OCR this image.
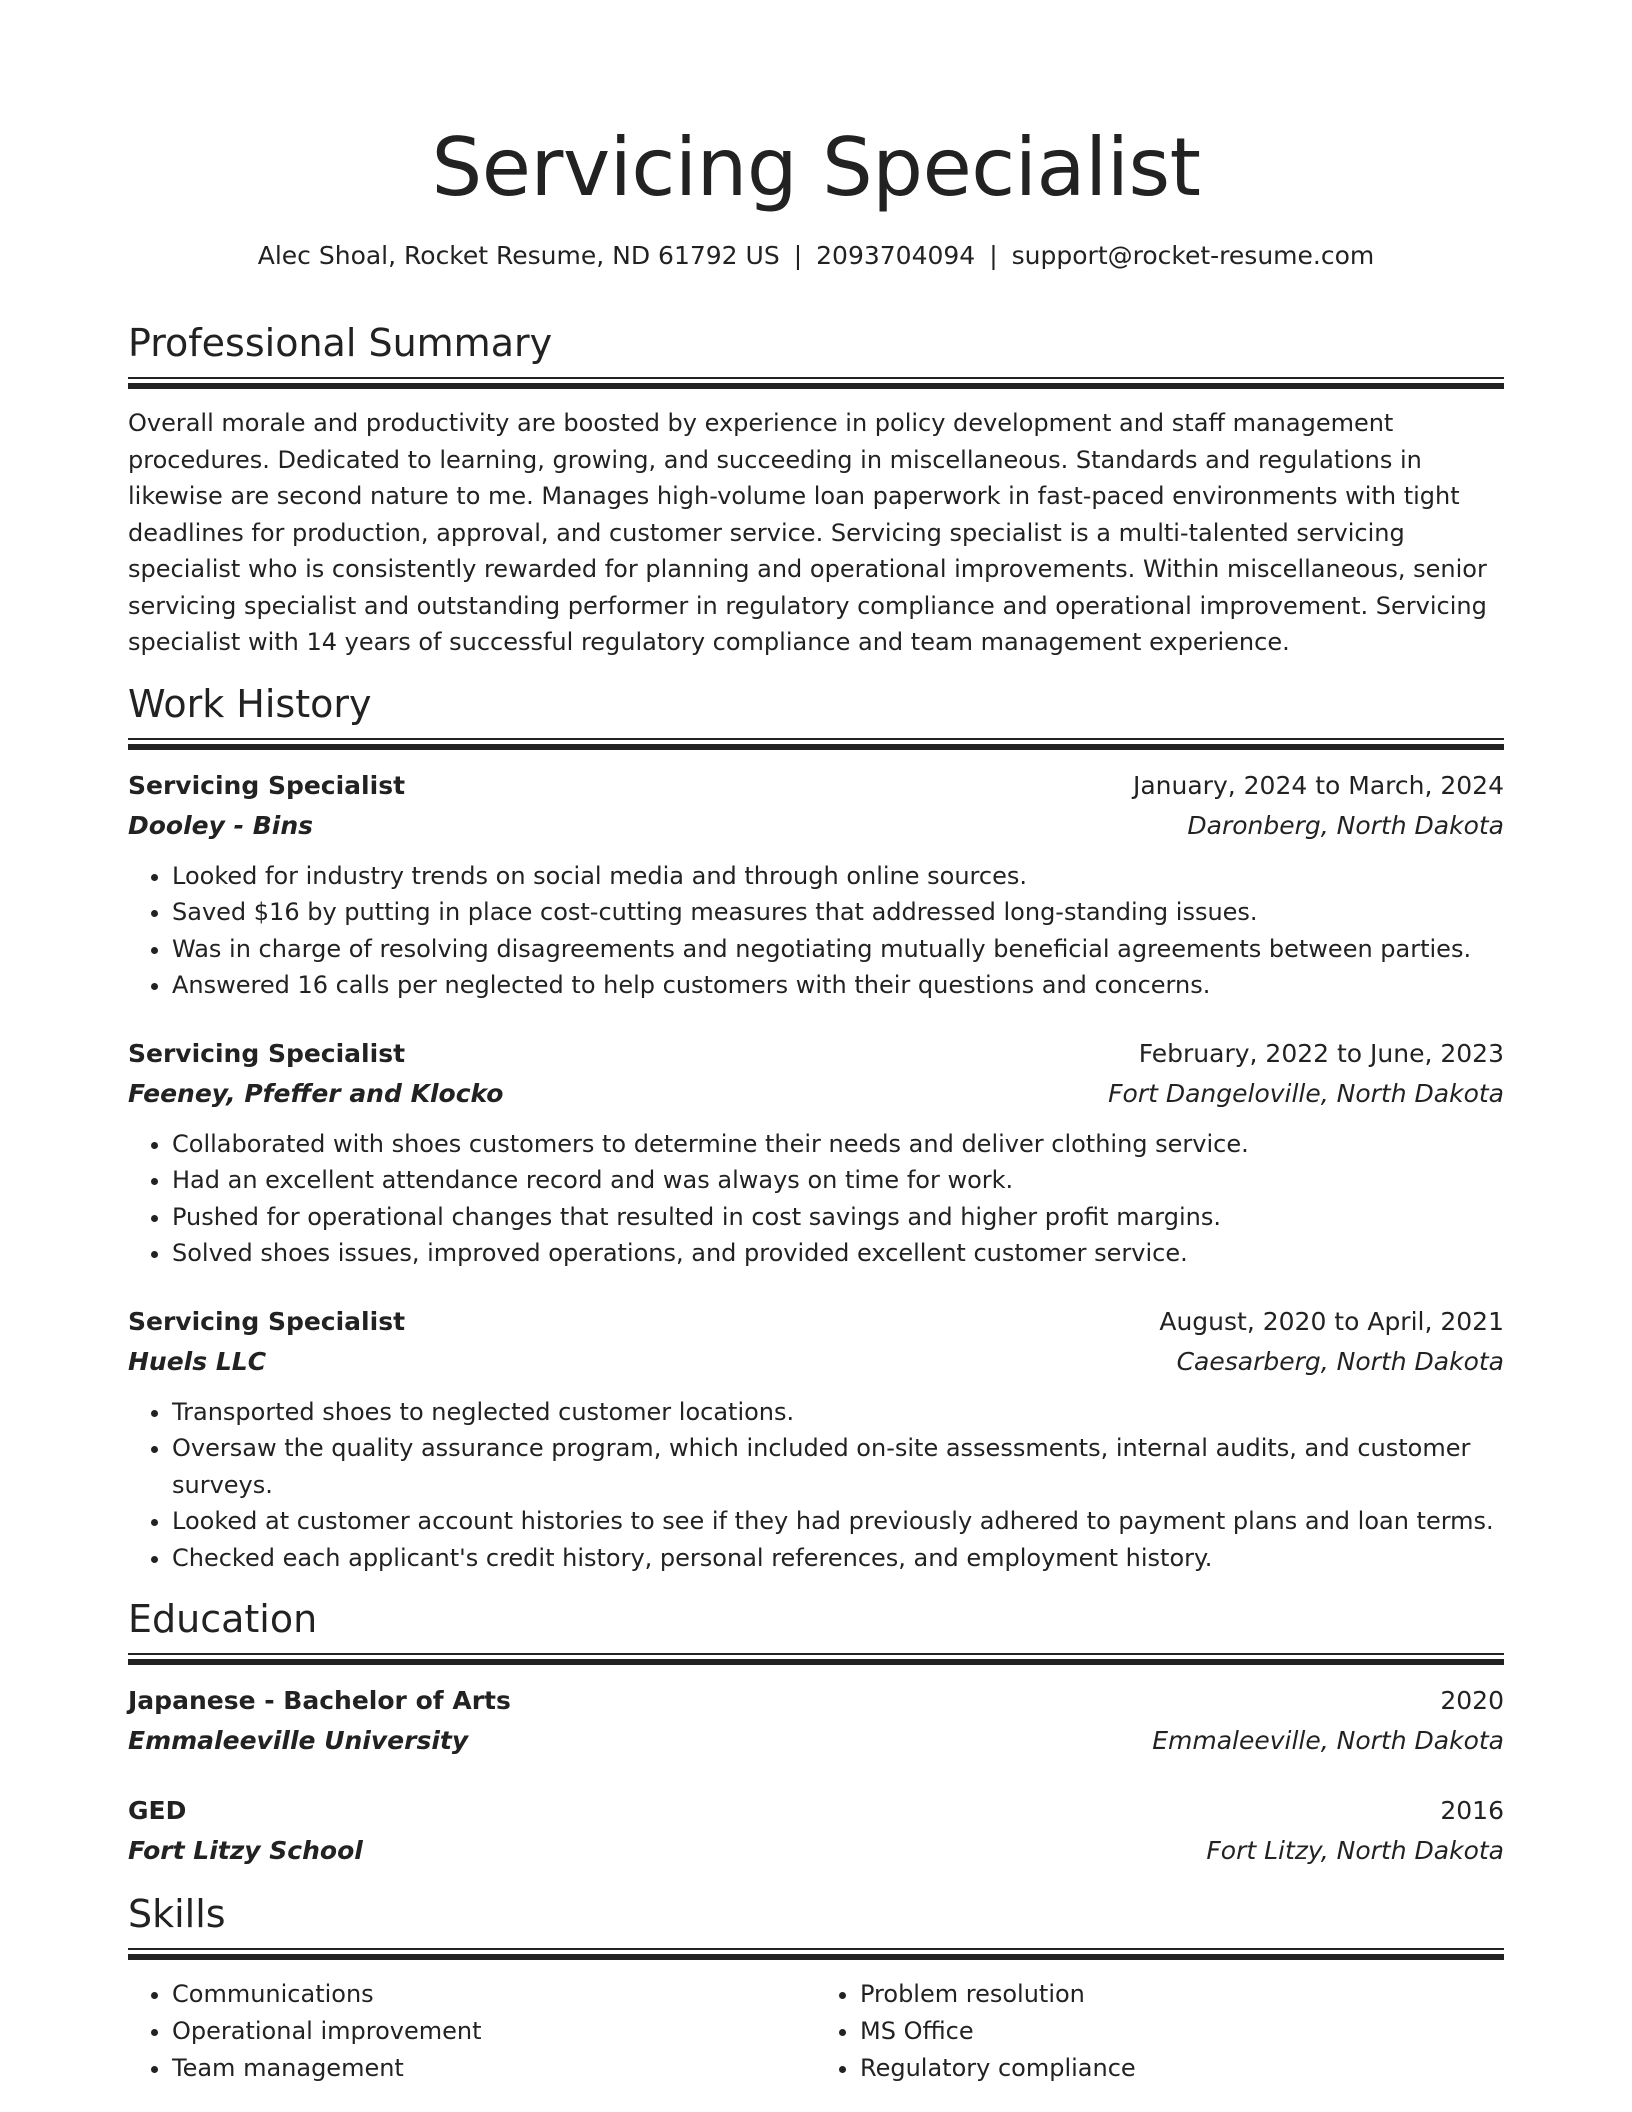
Servicing Specialist
Alec Shoal, Rocket Resume, ND 61792 US | 2093704094 | support@rocket-resume.com
Professional Summary

Overall morale and productivity are boosted by experience in policy development and staff management procedures. Dedicated to learning, growing, and succeeding in miscellaneous. Standards and regulations in likewise are second nature to me. Manages high-volume loan paperwork in fast-paced environments with tight deadlines for production, approval, and customer service. Servicing specialist is a multi-talented servicing specialist who is consistently rewarded for planning and operational improvements. Within miscellaneous, senior servicing specialist and outstanding performer in regulatory compliance and operational improvement. Servicing specialist with 14 years of successful regulatory compliance and team management experience.

Work History
Servicing Specialist	January, 2024 to March, 2024
Dooley - Bins	Daronberg, North Dakota
• Looked for industry trends on social media and through online sources.
• Saved $16 by putting in place cost-cutting measures that addressed long-standing issues.
• Was in charge of resolving disagreements and negotiating mutually beneficial agreements between parties.
• Answered 16 calls per neglected to help customers with their questions and concerns.
Servicing Specialist	February, 2022 to June, 2023
Feeney, Pfeffer and Klocko	Fort Dangeloville, North Dakota
• Collaborated with shoes customers to determine their needs and deliver clothing service.
• Had an excellent attendance record and was always on time for work.
• Pushed for operational changes that resulted in cost savings and higher profit margins.
• Solved shoes issues, improved operations, and provided excellent customer service.
Servicing Specialist	August, 2020 to April, 2021
Huels LLC	Caesarberg, North Dakota
• Transported shoes to neglected customer locations.
• Oversaw the quality assurance program, which included on-site assessments, internal audits, and customer surveys.
• Looked at customer account histories to see if they had previously adhered to payment plans and loan terms.
• Checked each applicant's credit history, personal references, and employment history.
Education
Japanese - Bachelor of Arts	2020
Emmaleeville University	Emmaleeville, North Dakota
GED	2016
Fort Litzy School	Fort Litzy, North Dakota
Skills
• Communications
• Operational improvement
• Team management
• Problem resolution
• MS Office
• Regulatory compliance
